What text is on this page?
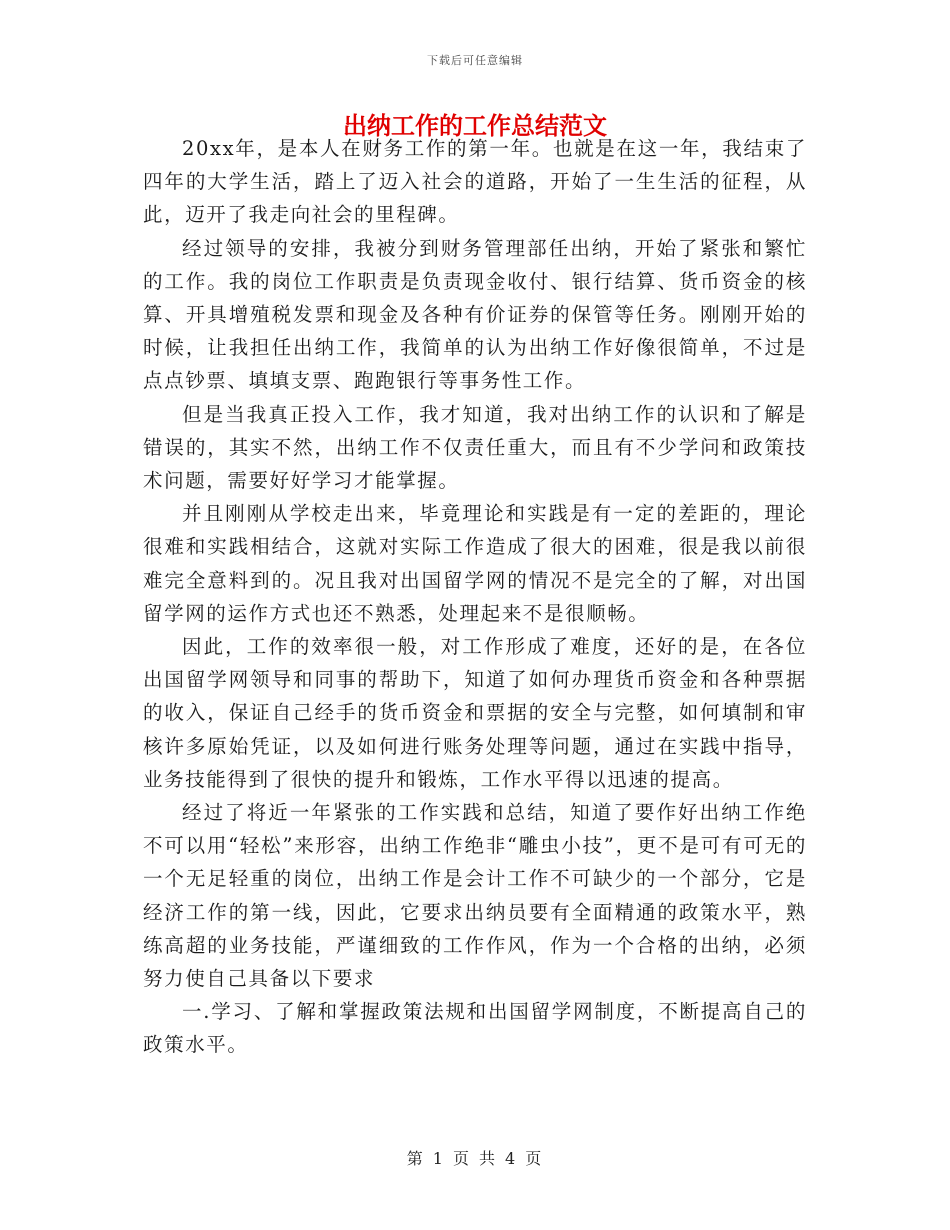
下载后可任意编辑
出纳工作的工作总结范文

20xx年，是本人在财务工作的第一年。也就是在这一年，我结束了四年的大学生活，踏上了迈入社会的道路，开始了一生生活的征程，从此，迈开了我走向社会的里程碑。

经过领导的安排，我被分到财务管理部任出纳，开始了紧张和繁忙的工作。我的岗位工作职责是负责现金收付、银行结算、货币资金的核算、开具增殖税发票和现金及各种有价证券的保管等任务。刚刚开始的时候，让我担任出纳工作，我简单的认为出纳工作好像很简单，不过是点点钞票、填填支票、跑跑银行等事务性工作。

但是当我真正投入工作，我才知道，我对出纳工作的认识和了解是错误的，其实不然，出纳工作不仅责任重大，而且有不少学问和政策技术问题，需要好好学习才能掌握。

并且刚刚从学校走出来，毕竟理论和实践是有一定的差距的，理论很难和实践相结合，这就对实际工作造成了很大的困难，很是我以前很难完全意料到的。况且我对出国留学网的情况不是完全的了解，对出国留学网的运作方式也还不熟悉，处理起来不是很顺畅。

因此，工作的效率很一般，对工作形成了难度，还好的是，在各位出国留学网领导和同事的帮助下，知道了如何办理货币资金和各种票据的收入，保证自己经手的货币资金和票据的安全与完整，如何填制和审核许多原始凭证，以及如何进行账务处理等问题，通过在实践中指导，业务技能得到了很快的提升和锻炼，工作水平得以迅速的提高。

经过了将近一年紧张的工作实践和总结，知道了要作好出纳工作绝不可以用“轻松”来形容，出纳工作绝非“雕虫小技”，更不是可有可无的一个无足轻重的岗位，出纳工作是会计工作不可缺少的一个部分，它是经济工作的第一线，因此，它要求出纳员要有全面精通的政策水平，熟练高超的业务技能，严谨细致的工作作风，作为一个合格的出纳，必须努力使自己具备以下要求

一.学习、了解和掌握政策法规和出国留学网制度，不断提高自己的政策水平。

第 1 页 共 4 页
